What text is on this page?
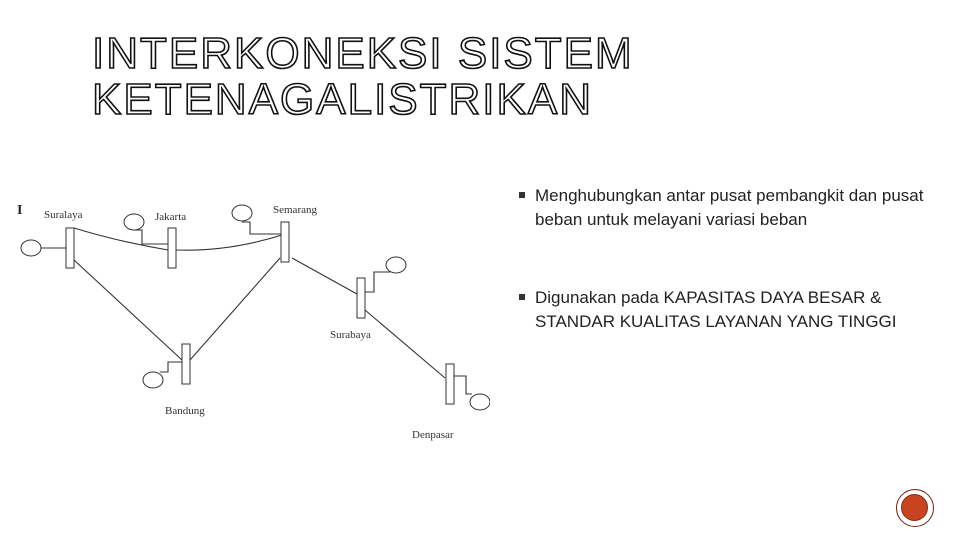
INTERKONEKSI SISTEM
KETENAGALISTRIKAN
I Suralaya	Jakarta
Semarang
Surabaya
Bandung
Denpasar
Menghubungkan antar pusat pembangkit dan pusat beban untuk melayani variasi beban
Digunakan pada KAPASITAS DAYA BESAR & STANDAR KUALITAS LAYANAN YANG TINGGI
